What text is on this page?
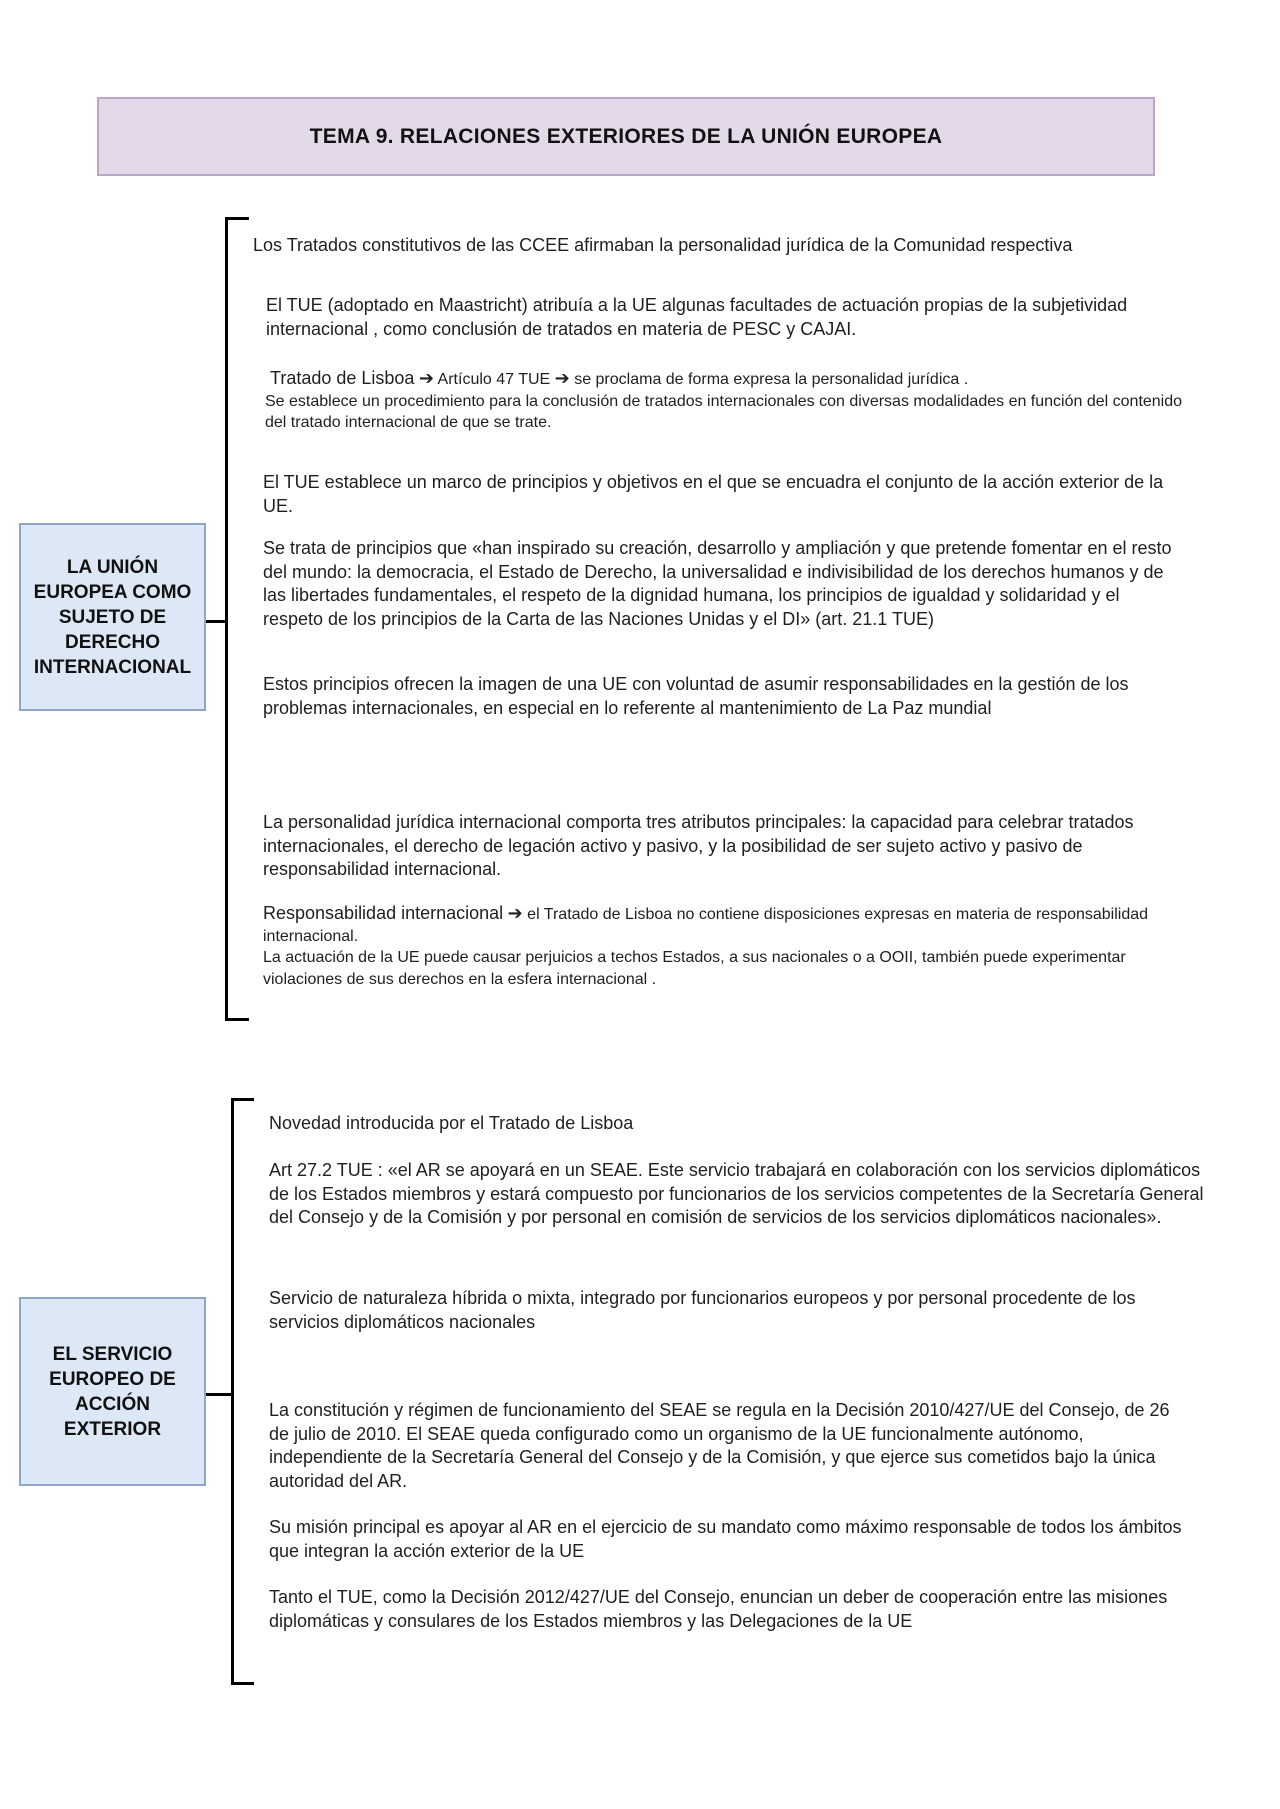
TEMA 9. RELACIONES EXTERIORES DE LA UNIÓN EUROPEA
LA UNIÓN
EUROPEA COMO
SUJETO DE
DERECHO
INTERNACIONAL

Los Tratados constitutivos de las CCEE afirmaban la personalidad jurídica de la Comunidad respectiva

El TUE (adoptado en Maastricht) atribuía a la UE algunas facultades de actuación propias de la subjetividad internacional , como conclusión de tratados en materia de PESC y CAJAI.

Tratado de Lisboa ➔ Artículo 47 TUE ➔ se proclama de forma expresa la personalidad jurídica .
Se establece un procedimiento para la conclusión de tratados internacionales con diversas modalidades en función del contenido del tratado internacional de que se trate.

El TUE establece un marco de principios y objetivos en el que se encuadra el conjunto de la acción exterior de la UE.

Se trata de principios que «han inspirado su creación, desarrollo y ampliación y que pretende fomentar en el resto del mundo: la democracia, el Estado de Derecho, la universalidad e indivisibilidad de los derechos humanos y de las libertades fundamentales, el respeto de la dignidad humana, los principios de igualdad y solidaridad y el respeto de los principios de la Carta de las Naciones Unidas y el DI» (art. 21.1 TUE)

Estos principios ofrecen la imagen de una UE con voluntad de asumir responsabilidades en la gestión de los problemas internacionales, en especial en lo referente al mantenimiento de La Paz mundial

La personalidad jurídica internacional comporta tres atributos principales: la capacidad para celebrar tratados internacionales, el derecho de legación activo y pasivo, y la posibilidad de ser sujeto activo y pasivo de responsabilidad internacional.

Responsabilidad internacional ➔ el Tratado de Lisboa no contiene disposiciones expresas en materia de responsabilidad internacional.
La actuación de la UE puede causar perjuicios a techos Estados, a sus nacionales o a OOII, también puede experimentar violaciones de sus derechos en la esfera internacional .
EL SERVICIO
EUROPEO DE
ACCIÓN
EXTERIOR

Novedad introducida por el Tratado de Lisboa

Art 27.2 TUE : «el AR se apoyará en un SEAE. Este servicio trabajará en colaboración con los servicios diplomáticos de los Estados miembros y estará compuesto por funcionarios de los servicios competentes de la Secretaría General del Consejo y de la Comisión y por personal en comisión de servicios de los servicios diplomáticos nacionales».

Servicio de naturaleza híbrida o mixta, integrado por funcionarios europeos y por personal procedente de los servicios diplomáticos nacionales

La constitución y régimen de funcionamiento del SEAE se regula en la Decisión 2010/427/UE del Consejo, de 26 de julio de 2010. El SEAE queda configurado como un organismo de la UE funcionalmente autónomo, independiente de la Secretaría General del Consejo y de la Comisión, y que ejerce sus cometidos bajo la única autoridad del AR.

Su misión principal es apoyar al AR en el ejercicio de su mandato como máximo responsable de todos los ámbitos que integran la acción exterior de la UE

Tanto el TUE, como la Decisión 2012/427/UE del Consejo, enuncian un deber de cooperación entre las misiones diplomáticas y consulares de los Estados miembros y las Delegaciones de la UE
